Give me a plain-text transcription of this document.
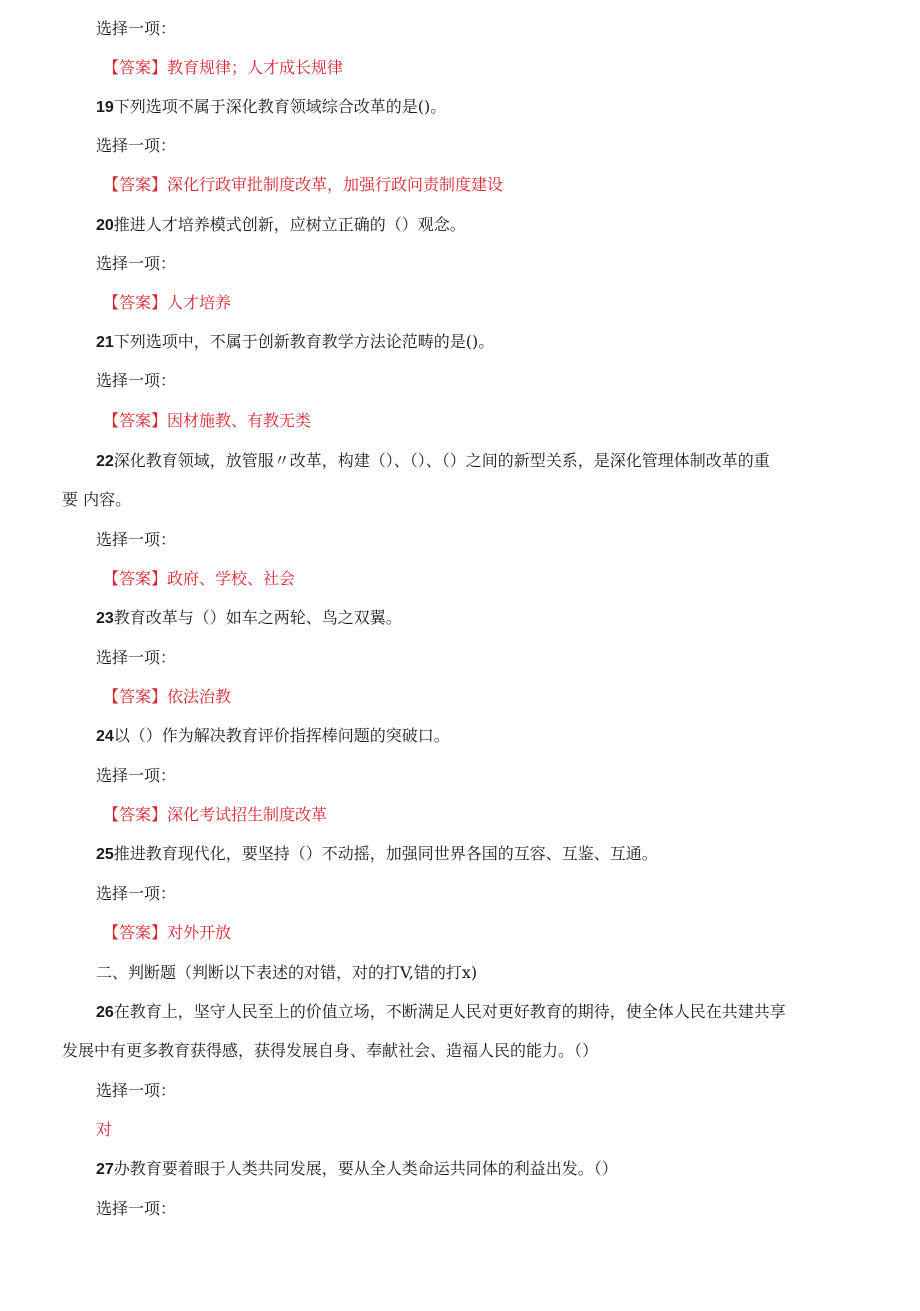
选择一项：
【答案】教育规律；人才成长规律
19下列选项不属于深化教育领域综合改革的是()。
选择一项：
【答案】深化行政审批制度改革，加强行政问责制度建设
20推进人才培养模式创新，应树立正确的（）观念。
选择一项：
【答案】人才培养
21下列选项中，不属于创新教育教学方法论范畴的是()。
选择一项：
【答案】因材施教、有教无类
22深化教育领域，放管服〃改革，构建（）、（）、（）之间的新型关系，是深化管理体制改革的重
要 内容。
选择一项：
【答案】政府、学校、社会
23教育改革与（）如车之两轮、鸟之双翼。
选择一项：
【答案】依法治教
24以（）作为解决教育评价指挥棒问题的突破口。
选择一项：
【答案】深化考试招生制度改革
25推进教育现代化，要坚持（）不动摇，加强同世界各国的互容、互鉴、互通。
选择一项：
【答案】对外开放
二、判断题（判断以下表述的对错，对的打V,错的打x)
26在教育上，坚守人民至上的价值立场，不断满足人民对更好教育的期待，使全体人民在共建共享
发展中有更多教育获得感，获得发展自身、奉献社会、造福人民的能力。（）
选择一项：
对
27办教育要着眼于人类共同发展，要从全人类命运共同体的利益出发。（）
选择一项：
